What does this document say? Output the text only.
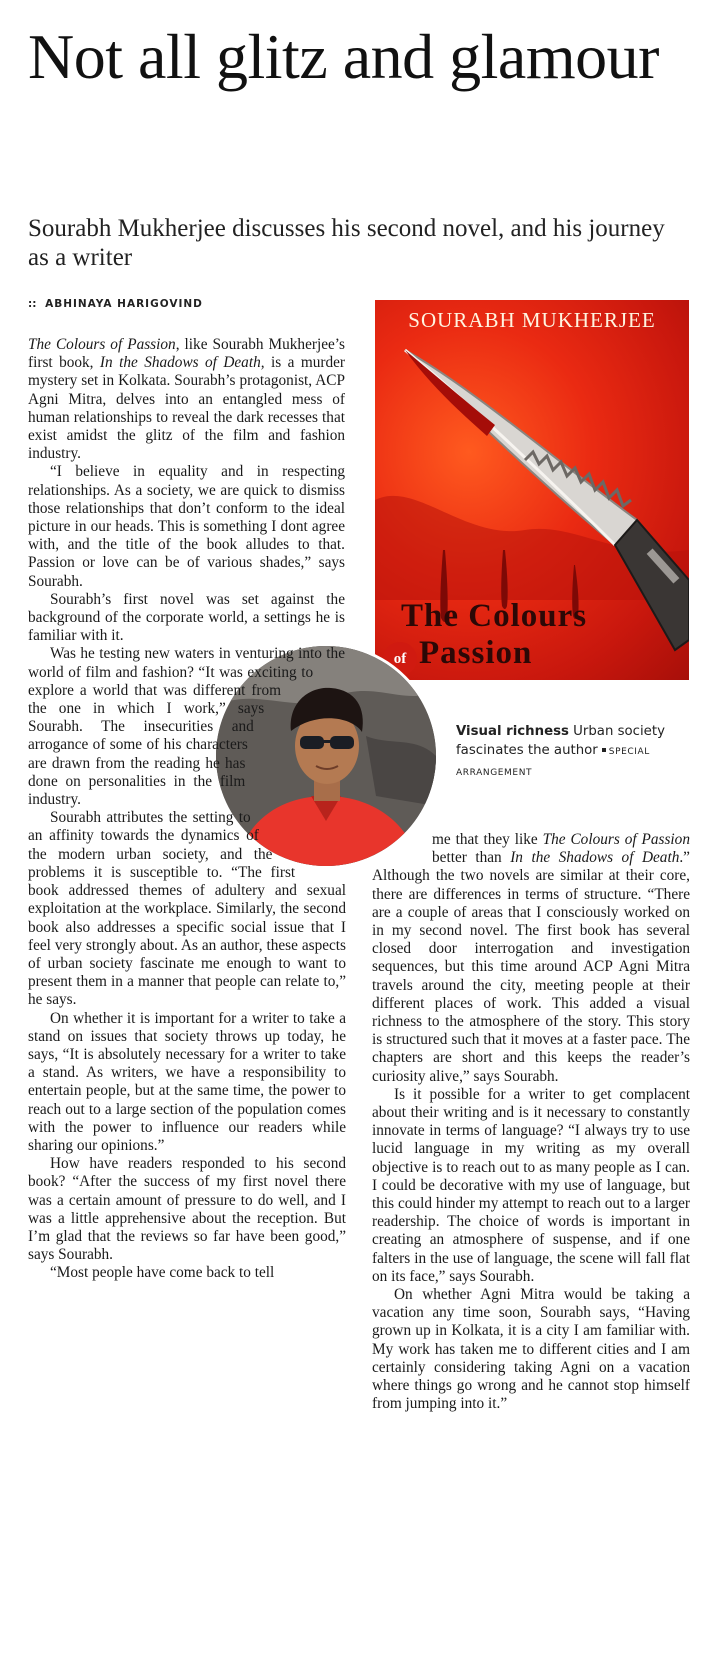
Not all glitz and glamour

Sourabh Mukherjee discusses his second novel, and his journey as a writer

:: ABHINAYA HARIGOVIND
SOURABH MUKHERJEE
The Colours
of Passion
Visual richness Urban society fascinates the author SPECIAL ARRANGEMENT

The Colours of Passion, like Sourabh Mukherjee’s first book, In the Shadows of Death, is a murder mystery set in Kolkata. Sourabh’s protagonist, ACP Agni Mitra, delves into an entangled mess of human relationships to reveal the dark recesses that exist amidst the glitz of the film and fashion industry.

“I believe in equality and in respecting relationships. As a society, we are quick to dismiss those relationships that don’t conform to the ideal picture in our heads. This is something I dont agree with, and the title of the book alludes to that. Passion or love can be of various shades,” says Sourabh.

Sourabh’s first novel was set against the background of the corporate world, a settings he is familiar with it.

Was he testing new waters in venturing into the world of film and fashion? “It was exciting to explore a world that was different from the one in which I work,” says Sourabh. The insecurities and arrogance of some of his characters are drawn from the reading he has done on personalities in the film industry.

Sourabh attributes the setting to an affinity towards the dynamics of the modern urban society, and the problems it is susceptible to. “The first book addressed themes of adultery and sexual exploitation at the workplace. Similarly, the second book also addresses a specific social issue that I feel very strongly about. As an author, these aspects of urban society fascinate me enough to want to present them in a manner that people can relate to,” he says.

On whether it is important for a writer to take a stand on issues that society throws up today, he says, “It is absolutely necessary for a writer to take a stand. As writers, we have a responsibility to entertain people, but at the same time, the power to reach out to a large section of the population comes with the power to influence our readers while sharing our opinions.”

How have readers responded to his second book? “After the success of my first novel there was a certain amount of pressure to do well, and I was a little apprehensive about the reception. But I’m glad that the reviews so far have been good,” says Sourabh.

“Most people have come back to tell

me that they like The Colours of Passion better than In the Shadows of Death.” Although the two novels are similar at their core, there are differences in terms of structure. “There are a couple of areas that I consciously worked on in my second novel. The first book has several closed door interrogation and investigation sequences, but this time around ACP Agni Mitra travels around the city, meeting people at their different places of work. This added a visual richness to the atmosphere of the story. This story is structured such that it moves at a faster pace. The chapters are short and this keeps the reader’s curiosity alive,” says Sourabh.

Is it possible for a writer to get complacent about their writing and is it necessary to constantly innovate in terms of language? “I always try to use lucid language in my writing as my overall objective is to reach out to as many people as I can. I could be decorative with my use of language, but this could hinder my attempt to reach out to a larger readership. The choice of words is important in creating an atmosphere of suspense, and if one falters in the use of language, the scene will fall flat on its face,” says Sourabh.

On whether Agni Mitra would be taking a vacation any time soon, Sourabh says, “Having grown up in Kolkata, it is a city I am familiar with. My work has taken me to different cities and I am certainly considering taking Agni on a vacation where things go wrong and he cannot stop himself from jumping into it.”
